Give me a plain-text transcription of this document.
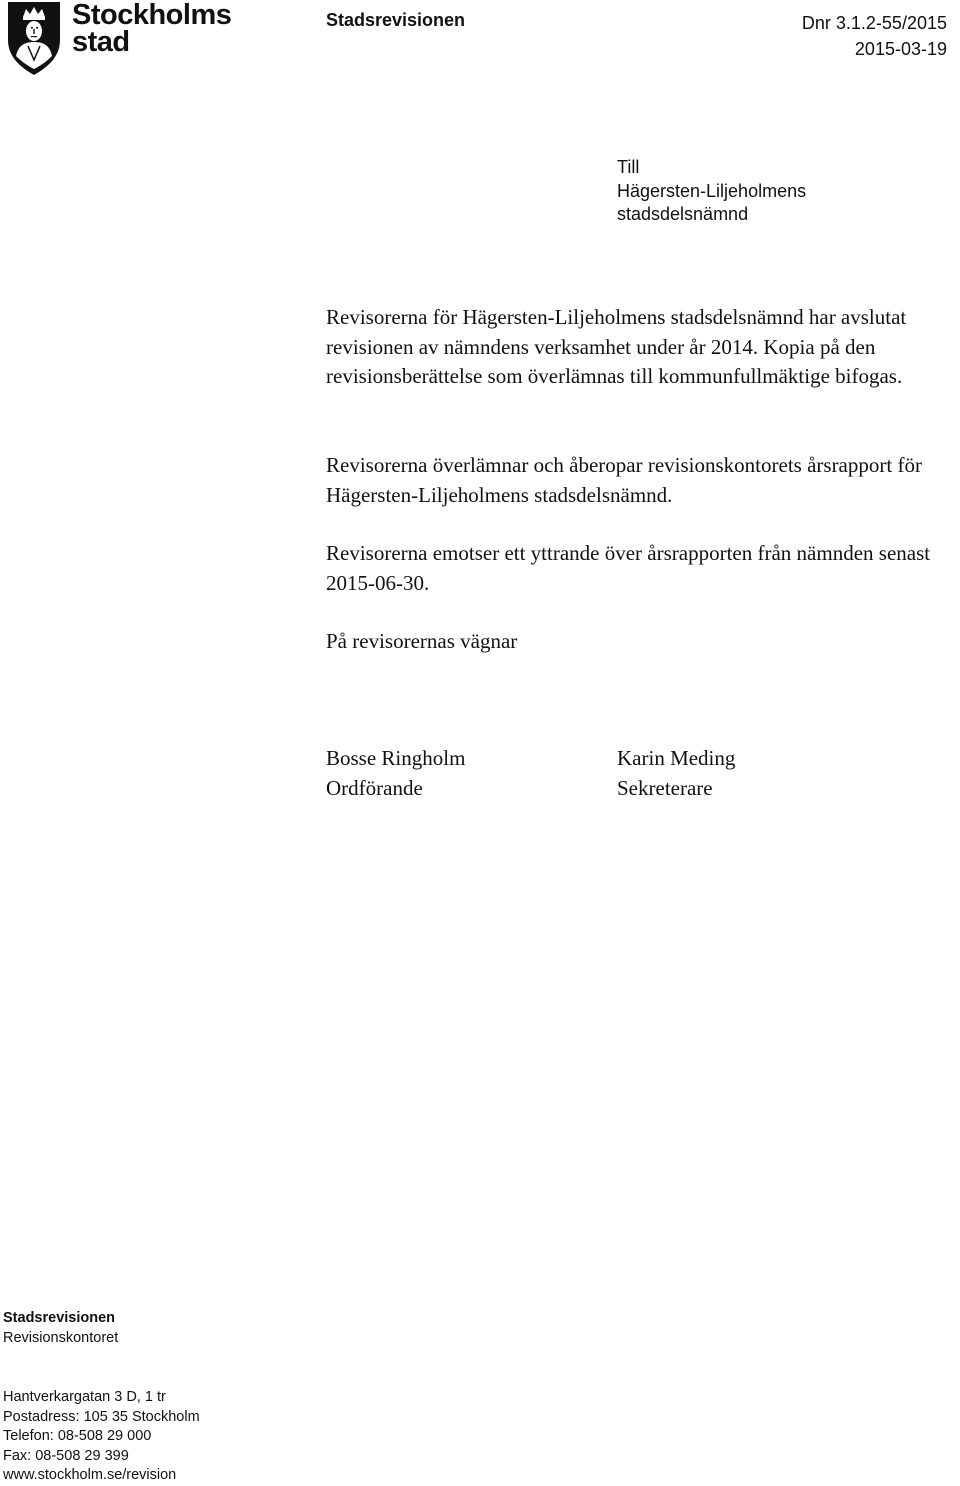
Stockholms
stad
Stadsrevisionen	Dnr 3.1.2-55/2015
2015-03-19
Till
Hägersten-Liljeholmens
stadsdelsnämnd
Revisorerna för Hägersten-Liljeholmens stadsdelsnämnd har avslutat revisionen av nämndens verksamhet under år 2014. Kopia på den revisionsberättelse som överlämnas till kommunfullmäktige bifogas.
Revisorerna överlämnar och åberopar revisionskontorets årsrapport för Hägersten-Liljeholmens stadsdelsnämnd.
Revisorerna emotser ett yttrande över årsrapporten från nämnden senast 2015-06-30.
På revisorernas vägnar
Bosse Ringholm
Ordförande
Karin Meding
Sekreterare
Stadsrevisionen
Revisionskontoret
Hantverkargatan 3 D, 1 tr
Postadress: 105 35 Stockholm
Telefon: 08-508 29 000
Fax: 08-508 29 399
www.stockholm.se/revision
